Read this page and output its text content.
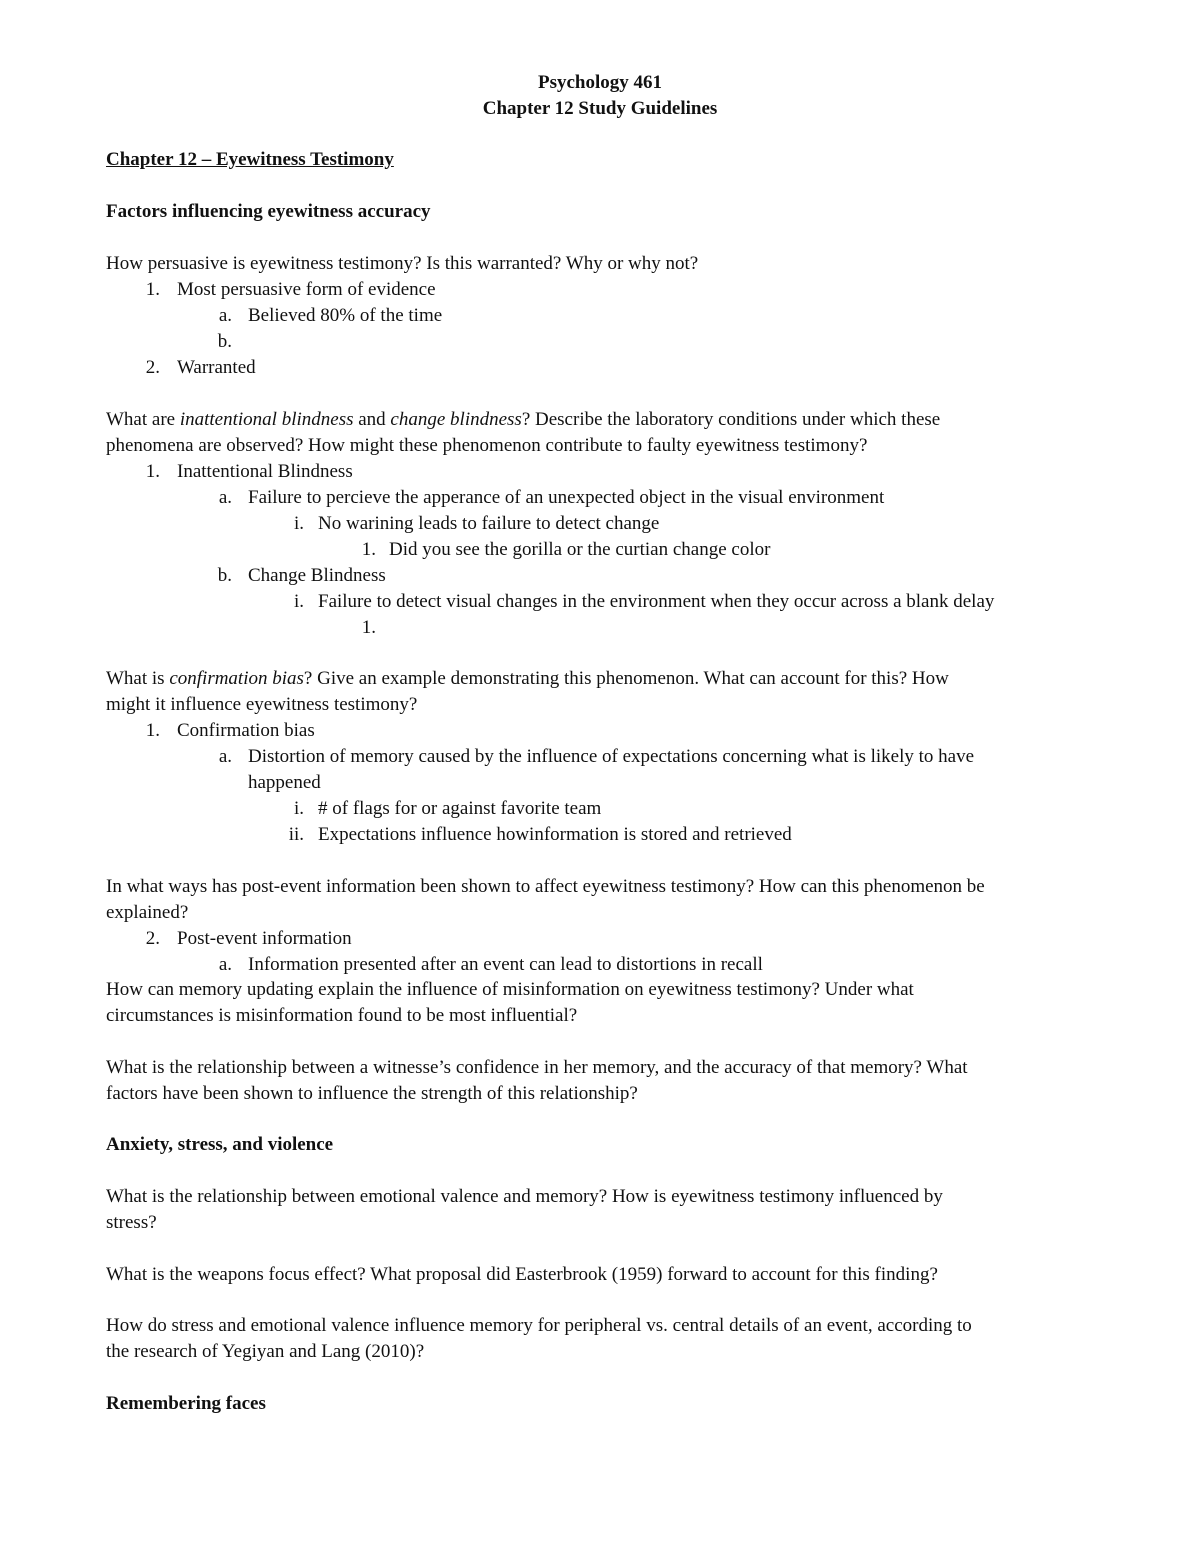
Psychology 461
Chapter 12 Study Guidelines
Chapter 12 – Eyewitness Testimony
Factors influencing eyewitness accuracy
How persuasive is eyewitness testimony? Is this warranted? Why or why not?
1. Most persuasive form of evidence
a. Believed 80% of the time
b.
2. Warranted
What are inattentional blindness and change blindness? Describe the laboratory conditions under which these
phenomena are observed? How might these phenomenon contribute to faulty eyewitness testimony?
1. Inattentional Blindness
a. Failure to percieve the apperance of an unexpected object in the visual environment
i. No warining leads to failure to detect change
1. Did you see the gorilla or the curtian change color
b. Change Blindness
i. Failure to detect visual changes in the environment when they occur across a blank delay
1.
What is confirmation bias? Give an example demonstrating this phenomenon. What can account for this? How
might it influence eyewitness testimony?
1. Confirmation bias
a. Distortion of memory caused by the influence of expectations concerning what is likely to have
happened
i. # of flags for or against favorite team
ii. Expectations influence howinformation is stored and retrieved
In what ways has post-event information been shown to affect eyewitness testimony? How can this phenomenon be
explained?
2. Post-event information
a. Information presented after an event can lead to distortions in recall
How can memory updating explain the influence of misinformation on eyewitness testimony? Under what
circumstances is misinformation found to be most influential?
What is the relationship between a witnesse’s confidence in her memory, and the accuracy of that memory? What
factors have been shown to influence the strength of this relationship?
Anxiety, stress, and violence
What is the relationship between emotional valence and memory? How is eyewitness testimony influenced by
stress?
What is the weapons focus effect? What proposal did Easterbrook (1959) forward to account for this finding?
How do stress and emotional valence influence memory for peripheral vs. central details of an event, according to
the research of Yegiyan and Lang (2010)?
Remembering faces
